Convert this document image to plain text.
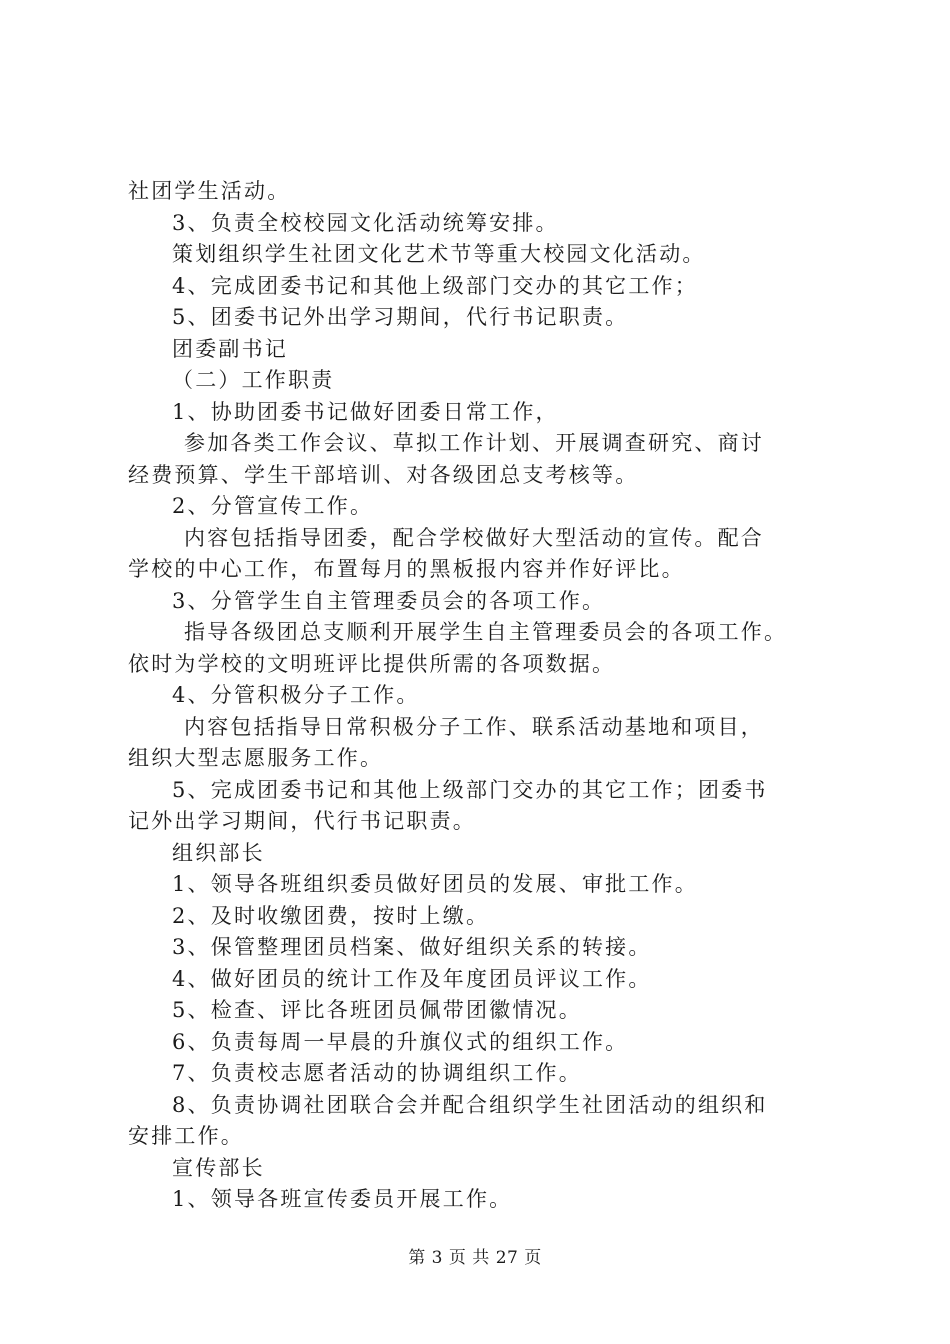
社团学生活动。
3、负责全校校园文化活动统筹安排。
策划组织学生社团文化艺术节等重大校园文化活动。
4、完成团委书记和其他上级部门交办的其它工作；
5、团委书记外出学习期间，代行书记职责。
团委副书记
（二）工作职责
1、协助团委书记做好团委日常工作，
参加各类工作会议、草拟工作计划、开展调查研究、商讨
经费预算、学生干部培训、对各级团总支考核等。
2、分管宣传工作。
内容包括指导团委，配合学校做好大型活动的宣传。配合
学校的中心工作，布置每月的黑板报内容并作好评比。
3、分管学生自主管理委员会的各项工作。
指导各级团总支顺利开展学生自主管理委员会的各项工作。
依时为学校的文明班评比提供所需的各项数据。
4、分管积极分子工作。
内容包括指导日常积极分子工作、联系活动基地和项目，
组织大型志愿服务工作。
5、完成团委书记和其他上级部门交办的其它工作；团委书
记外出学习期间，代行书记职责。
组织部长
1、领导各班组织委员做好团员的发展、审批工作。
2、及时收缴团费，按时上缴。
3、保管整理团员档案、做好组织关系的转接。
4、做好团员的统计工作及年度团员评议工作。
5、检查、评比各班团员佩带团徽情况。
6、负责每周一早晨的升旗仪式的组织工作。
7、负责校志愿者活动的协调组织工作。
8、负责协调社团联合会并配合组织学生社团活动的组织和
安排工作。
宣传部长
1、领导各班宣传委员开展工作。
第 3 页 共 27 页
